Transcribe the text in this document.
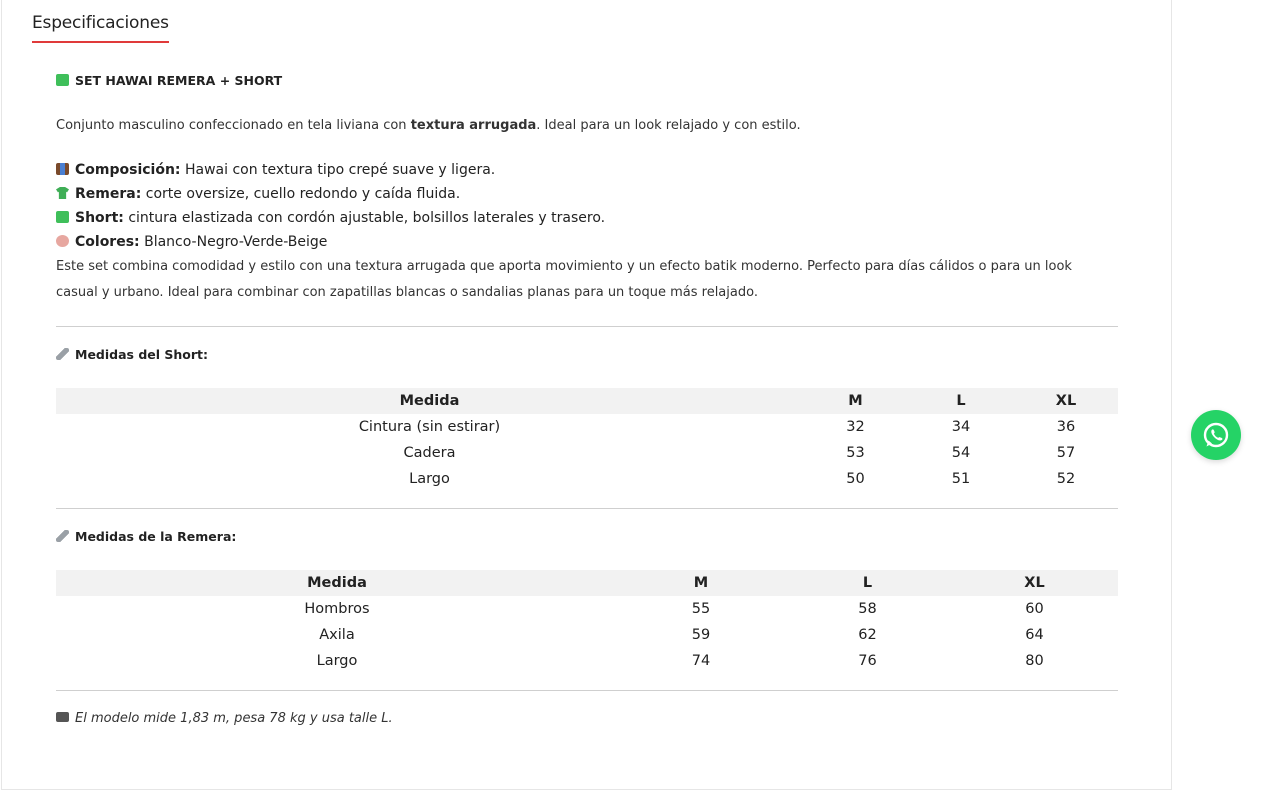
Especificaciones
SET HAWAI REMERA + SHORT
Conjunto masculino confeccionado en tela liviana con textura arrugada. Ideal para un look relajado y con estilo.
Composición: Hawai con textura tipo crepé suave y ligera.
Remera: corte oversize, cuello redondo y caída fluida.
Short: cintura elastizada con cordón ajustable, bolsillos laterales y trasero.
Colores: Blanco-Negro-Verde-Beige
Este set combina comodidad y estilo con una textura arrugada que aporta movimiento y un efecto batik moderno. Perfecto para días cálidos o para un look
casual y urbano. Ideal para combinar con zapatillas blancas o sandalias planas para un toque más relajado.
Medidas del Short:
Medida	M	L	XL
Cintura (sin estirar)	32	34	36
Cadera	53	54	57
Largo	50	51	52
Medidas de la Remera:
Medida	M	L	XL
Hombros	55	58	60
Axila	59	62	64
Largo	74	76	80
El modelo mide 1,83 m, pesa 78 kg y usa talle L.
